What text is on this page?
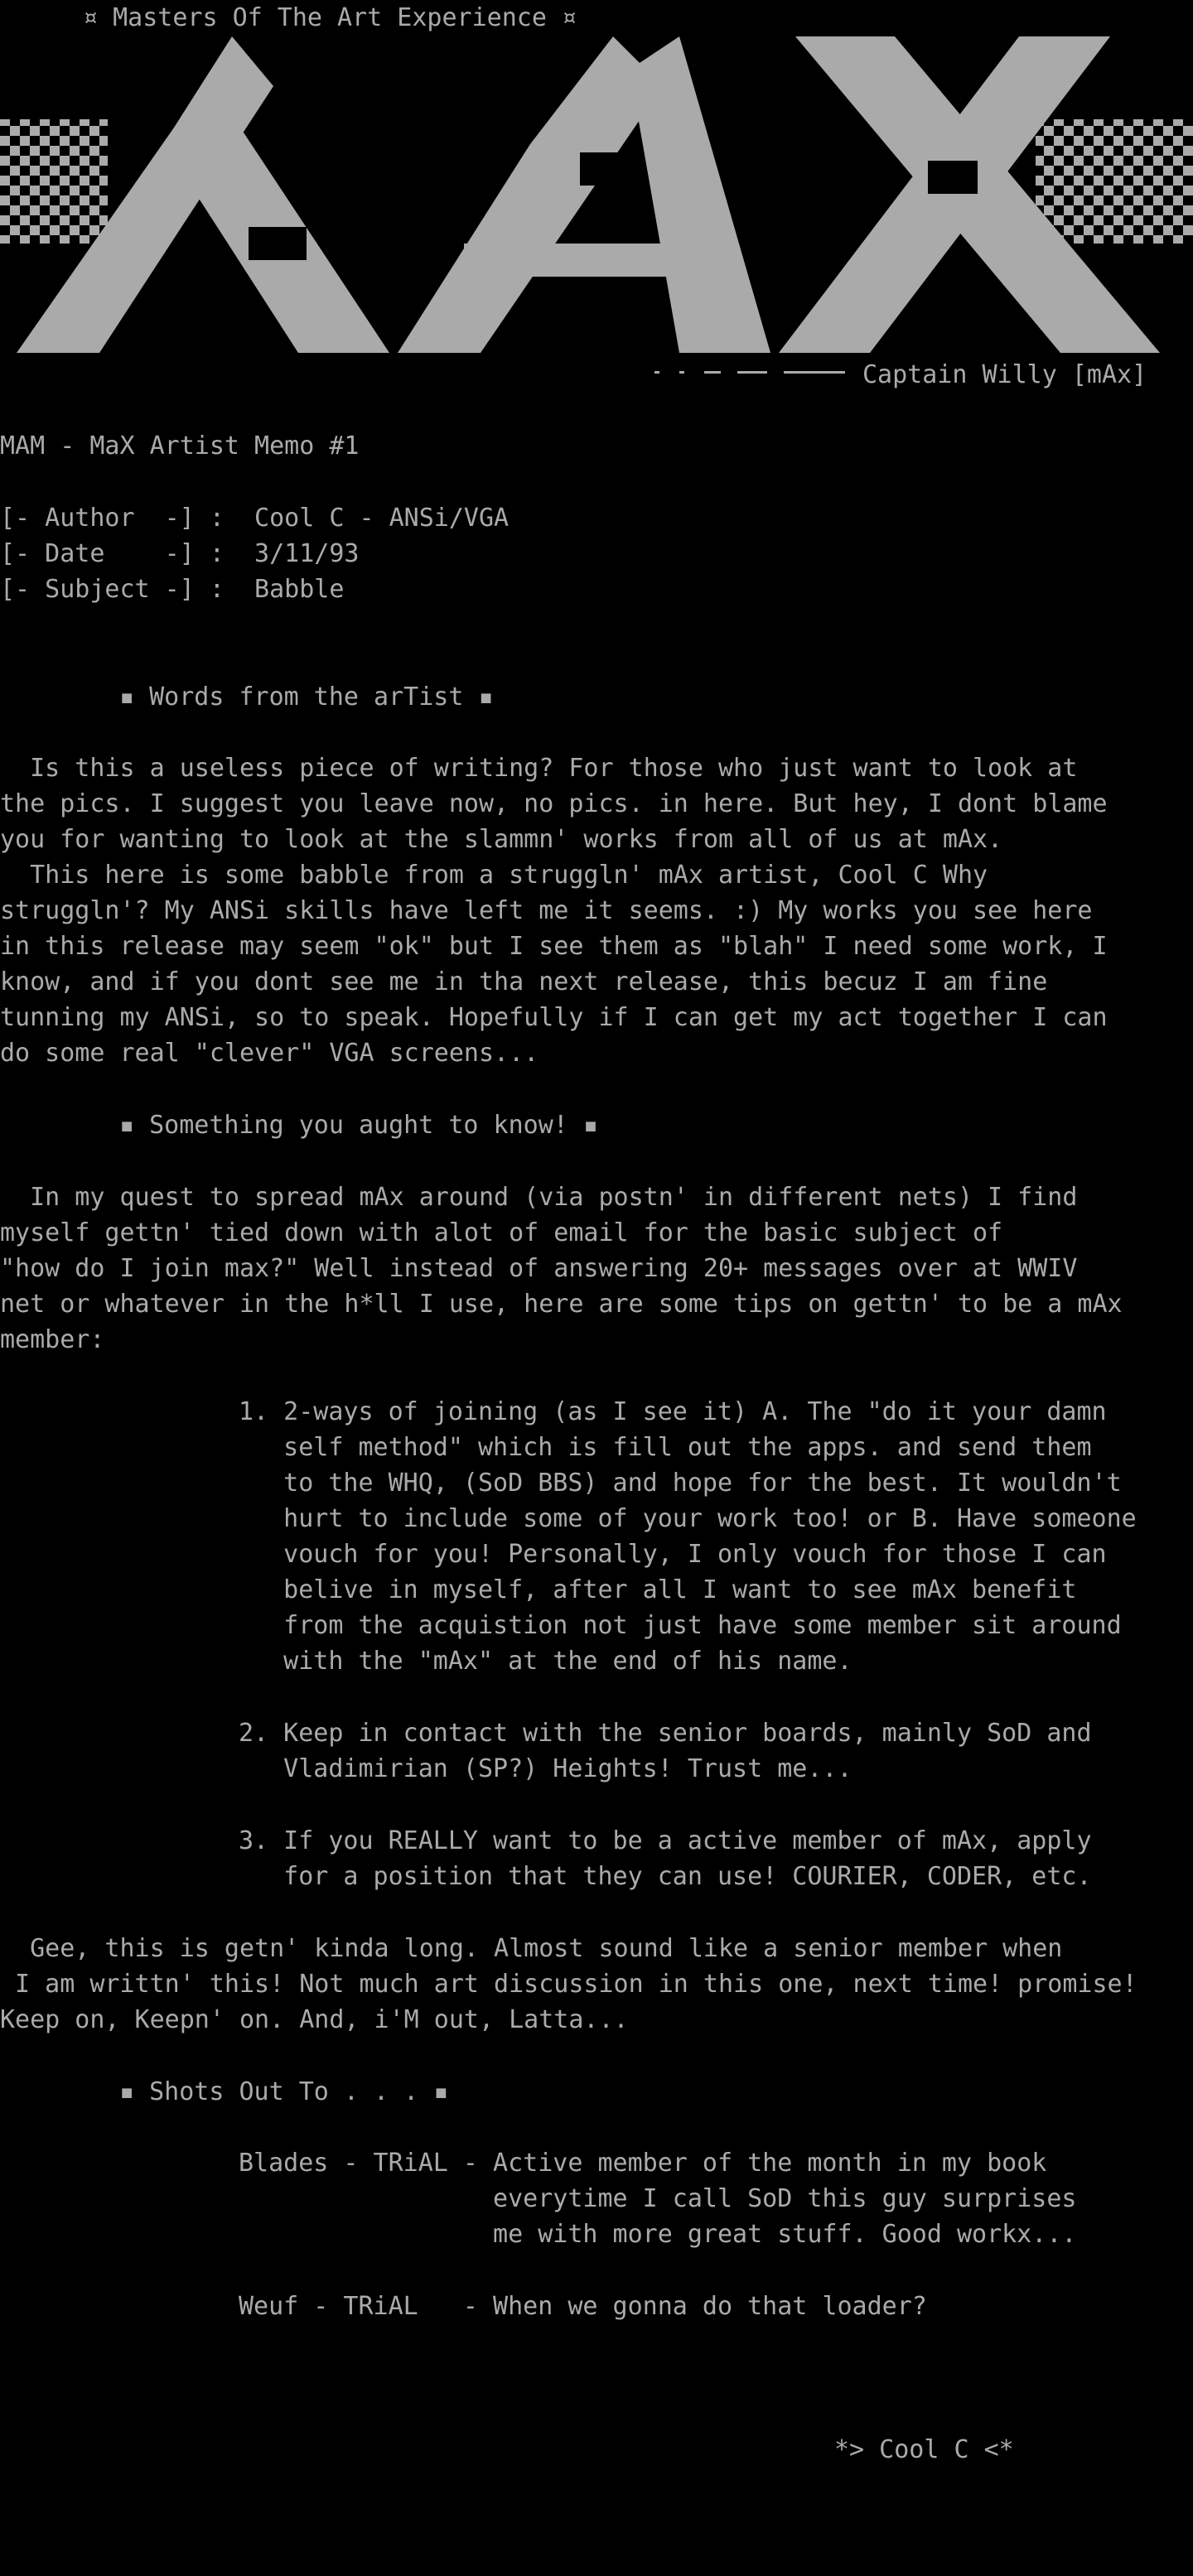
¤ Masters Of The Art Experience ¤
Captain Willy [mAx]
MAM - MaX Artist Memo #1
[- Author  -] :  Cool C - ANSi/VGA
[- Date    -] :  3/11/93
[- Subject -] :  Babble
▪ Words from the arTist ▪
Is this a useless piece of writing? For those who just want to look at
the pics. I suggest you leave now, no pics. in here. But hey, I dont blame
you for wanting to look at the slammn' works from all of us at mAx.
This here is some babble from a struggln' mAx artist, Cool C Why
struggln'? My ANSi skills have left me it seems. :) My works you see here
in this release may seem "ok" but I see them as "blah" I need some work, I
know, and if you dont see me in tha next release, this becuz I am fine
tunning my ANSi, so to speak. Hopefully if I can get my act together I can
do some real "clever" VGA screens...
▪ Something you aught to know! ▪
In my quest to spread mAx around (via postn' in different nets) I find
myself gettn' tied down with alot of email for the basic subject of
"how do I join max?" Well instead of answering 20+ messages over at WWIV
net or whatever in the h*ll I use, here are some tips on gettn' to be a mAx
member:
1. 2-ways of joining (as I see it) A. The "do it your damn
self method" which is fill out the apps. and send them
to the WHQ, (SoD BBS) and hope for the best. It wouldn't
hurt to include some of your work too! or B. Have someone
vouch for you! Personally, I only vouch for those I can
belive in myself, after all I want to see mAx benefit
from the acquistion not just have some member sit around
with the "mAx" at the end of his name.
2. Keep in contact with the senior boards, mainly SoD and
Vladimirian (SP?) Heights! Trust me...
3. If you REALLY want to be a active member of mAx, apply
for a position that they can use! COURIER, CODER, etc.
Gee, this is getn' kinda long. Almost sound like a senior member when
I am writtn' this! Not much art discussion in this one, next time! promise!
Keep on, Keepn' on. And, i'M out, Latta...
▪ Shots Out To . . . ▪
Blades - TRiAL - Active member of the month in my book
everytime I call SoD this guy surprises
me with more great stuff. Good workx...
Weuf - TRiAL   - When we gonna do that loader?
*> Cool C <*
